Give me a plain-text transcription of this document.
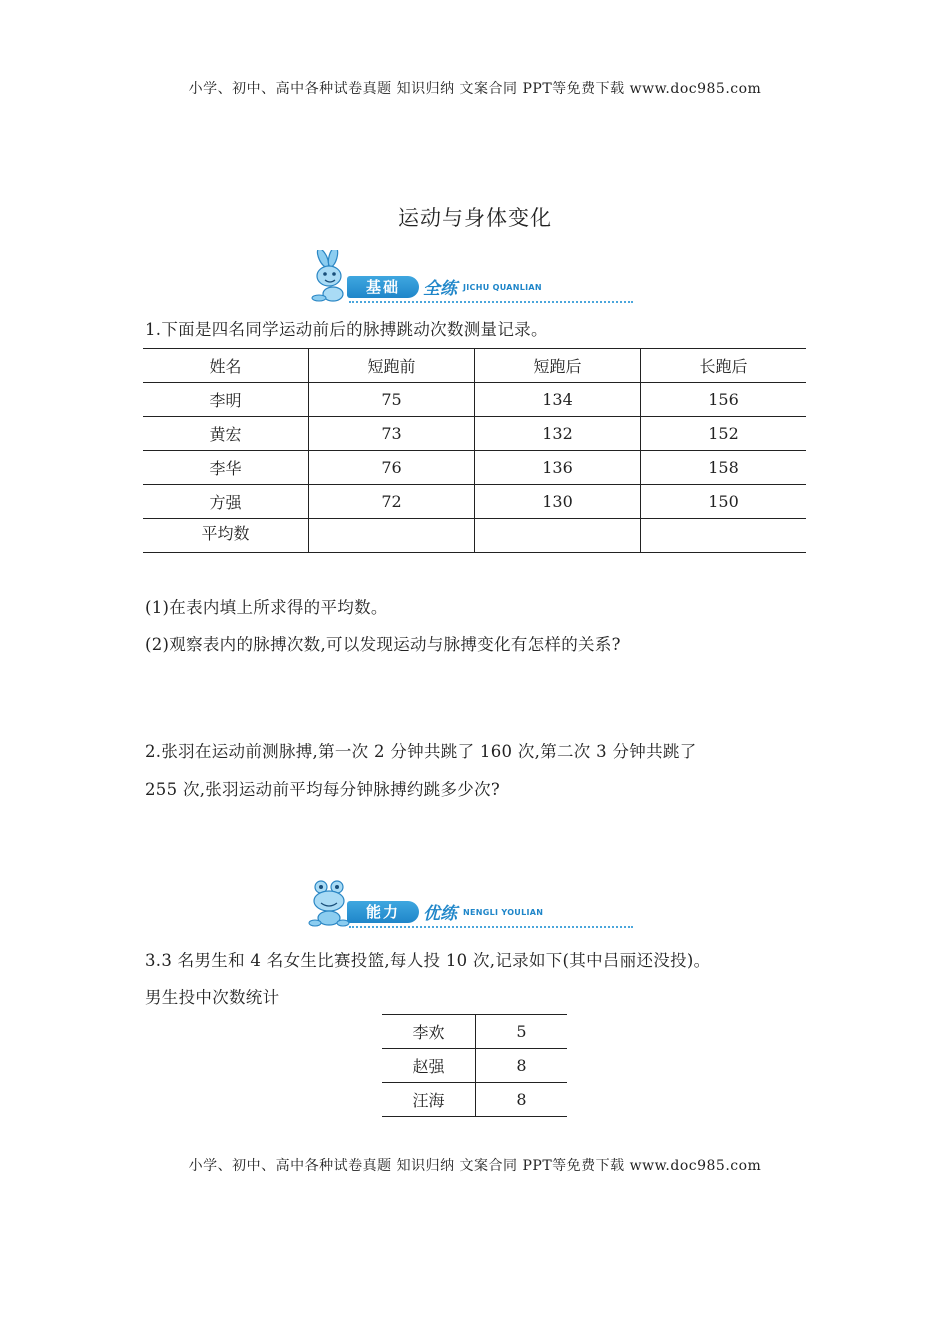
小学、初中、高中各种试卷真题 知识归纳 文案合同 PPT等免费下载 www.doc985.com
运动与身体变化
基础	全练 JICHU QUANLIAN
1.下面是四名同学运动前后的脉搏跳动次数测量记录。
姓名	短跑前	短跑后	长跑后
李明	75	134	156
黄宏	73	132	152
李华	76	136	158
方强	72	130	150
平均数			
(1)在表内填上所求得的平均数。
(2)观察表内的脉搏次数,可以发现运动与脉搏变化有怎样的关系?
2.张羽在运动前测脉搏,第一次 2 分钟共跳了 160 次,第二次 3 分钟共跳了
255 次,张羽运动前平均每分钟脉搏约跳多少次?
能力	优练 NENGLI YOULIAN
3.3 名男生和 4 名女生比赛投篮,每人投 10 次,记录如下(其中吕丽还没投)。
男生投中次数统计
李欢	5
赵强	8
汪海	8
小学、初中、高中各种试卷真题 知识归纳 文案合同 PPT等免费下载 www.doc985.com
